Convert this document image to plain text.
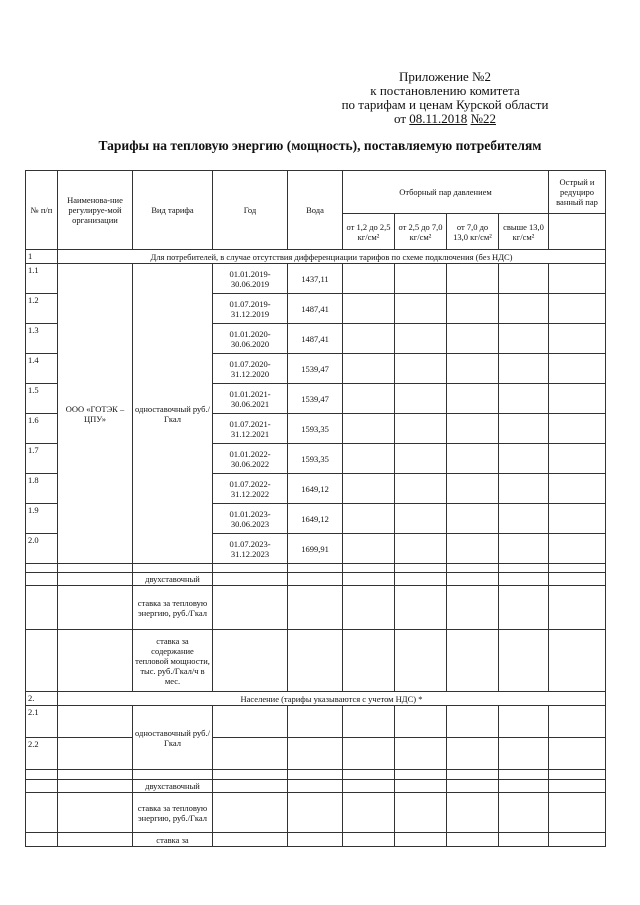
Приложение №2
к постановлению комитета
по тарифам и ценам Курской области
от 08.11.2018 №22
Тарифы на тепловую энергию (мощность), поставляемую потребителям
№ п/п	Наименова-ние регулируе-мой организации	Вид тарифа	Год	Вода	Отборный пар давлением				Острый и редуциро ванный пар
					от 1,2 до 2,5 кг/см²	от 2,5 до 7,0 кг/см²	от 7,0 до 13,0 кг/см²	свыше 13,0 кг/см²	
1	Для потребителей, в случае отсутствия дифференциации тарифов по схеме подключения (без НДС)								
1.1	ООО «ГОТЭК – ЦПУ»	одноставочный руб./Гкал	01.01.2019-30.06.2019	1437,11					
1.2			01.07.2019-31.12.2019	1487,41					
1.3			01.01.2020-30.06.2020	1487,41					
1.4			01.07.2020-31.12.2020	1539,47					
1.5			01.01.2021-30.06.2021	1539,47					
1.6			01.07.2021-31.12.2021	1593,35					
1.7			01.01.2022-30.06.2022	1593,35					
1.8			01.07.2022-31.12.2022	1649,12					
1.9			01.01.2023-30.06.2023	1649,12					
2.0			01.07.2023-31.12.2023	1699,91					

		двухставочный							
		ставка за тепловую энергию, руб./Гкал							
		ставка за содержание тепловой мощности, тыс. руб./Гкал/ч в мес.							
2.	Население (тарифы указываются с учетом НДС) *								
2.1		одноставочный руб./Гкал							
2.2									

		двухставочный							
		ставка за тепловую энергию, руб./Гкал							
		ставка за							
